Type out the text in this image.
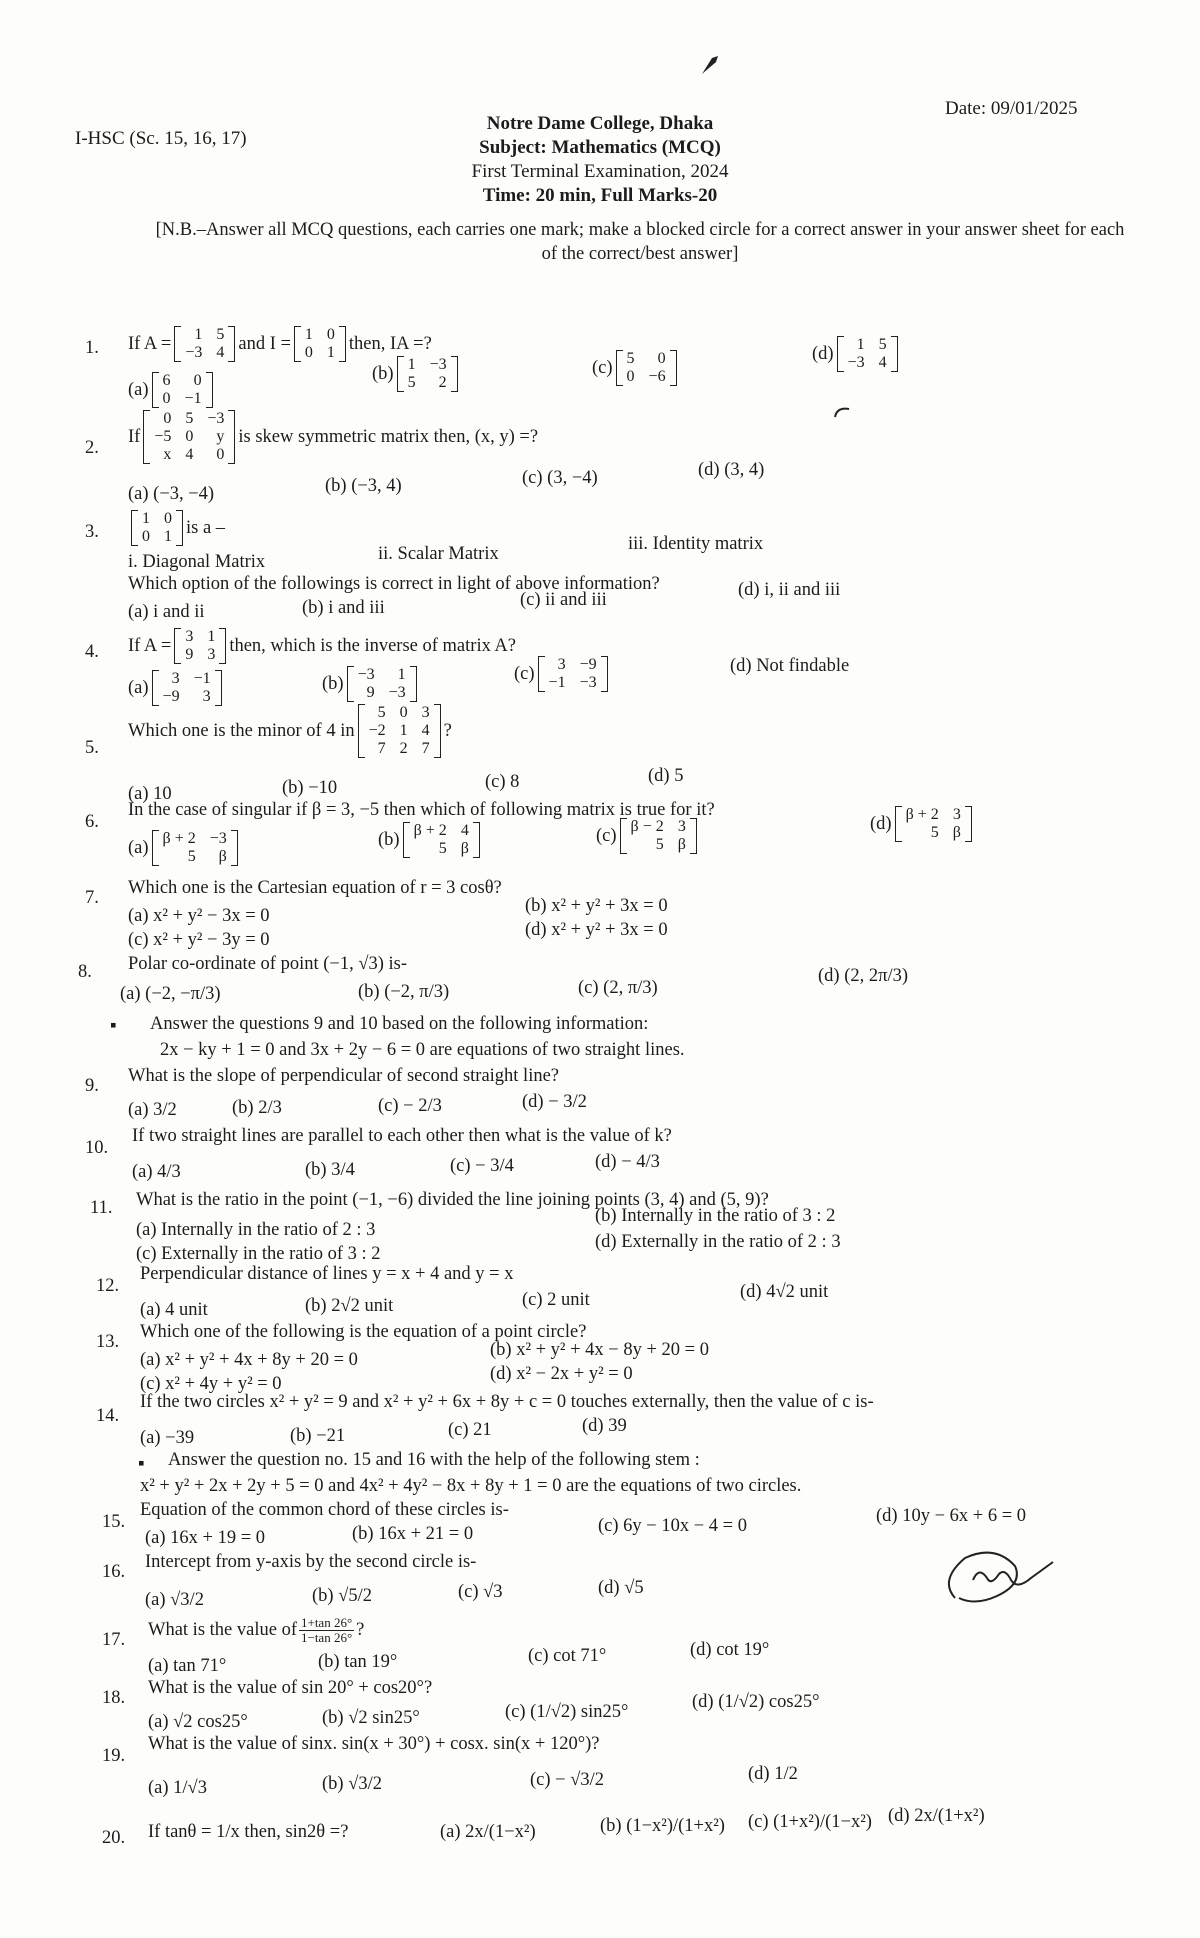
I-HSC (Sc. 15, 16, 17)
Date: 09/01/2025
Notre Dame College, Dhaka
Subject: Mathematics (MCQ)
First Terminal Examination, 2024
Time: 20 min, Full Marks-20
[N.B.–Answer all MCQ questions, each carries one mark; make a blocked circle for a correct answer in your answer sheet for each of the correct/best answer]
1. If A =	1 5
−3 4 and I = 1 0
0 1 then, IA =?
(a) 6	0
0 −1
(b) 1 −3
5	2
(c) 5	0
0 −6
(d)	1 5
−3 4
2.
If
0 5 −3
−5 0	y
x 4	0
is skew symmetric matrix then, (x, y) =?
(a) (−3, −4)	(b) (−3, 4)	(c) (3, −4)	(d) (3, 4)
3.
1 0
0 1 is a –
i. Diagonal Matrix	ii. Scalar Matrix	iii. Identity matrix
Which option of the followings is correct in light of above information?
(a) i and ii	(b) i and iii	(c) ii and iii	(d) i, ii and iii
4. If A = 3 1
9 3 then, which is the inverse of matrix A?
(a)	3 −1
−9	3
(b) −3	1
9 −3
(c)	3 −9
−1 −3
(d) Not findable
5.
Which one is the minor of 4 in
5 0 3
−2 1 4
7 2 7
?
(a) 10	(b) −10	(c) 8	(d) 5
6.
In the case of singular if β = 3, −5 then which of following matrix is true for it?
(a) β + 2 −3
5	β
(b) β + 2 4
5 β
(c) β − 2 3
5 β
(d) β + 2 3
5 β
7. Which one is the Cartesian equation of r = 3 cosθ?
(a) x² + y² − 3x = 0	(b) x² + y² + 3x = 0
(c) x² + y² − 3y = 0	(d) x² + y² + 3x = 0
8. Polar co-ordinate of point (−1, √3) is-
(a) (−2, −π/3)	(b) (−2, π/3)	(c) (2, π/3)
(d) (2, 2π/3)
▪ Answer the questions 9 and 10 based on the following information:
2x − ky + 1 = 0 and 3x + 2y − 6 = 0 are equations of two straight lines.
9. What is the slope of perpendicular of second straight line?
(a) 3/2	(b) 2/3	(c) − 2/3	(d) − 3/2
10.
If two straight lines are parallel to each other then what is the value of k?
(a) 4/3	(b) 3/4	(c) − 3/4	(d) − 4/3
11. What is the ratio in the point (−1, −6) divided the line joining points (3, 4) and (5, 9)?
(a) Internally in the ratio of 2 : 3
(b) Internally in the ratio of 3 : 2
(c) Externally in the ratio of 3 : 2
(d) Externally in the ratio of 2 : 3
12.
Perpendicular distance of lines y = x + 4 and y = x
(a) 4 unit	(b) 2√2 unit	(c) 2 unit	(d) 4√2 unit
13. Which one of the following is the equation of a point circle?
(a) x² + y² + 4x + 8y + 20 = 0	(b) x² + y² + 4x − 8y + 20 = 0
(c) x² + 4y + y² = 0	(d) x² − 2x + y² = 0
14.
If the two circles x² + y² = 9 and x² + y² + 6x + 8y + c = 0 touches externally, then the value of c is-
(a) −39	(b) −21	(c) 21	(d) 39
▪ Answer the question no. 15 and 16 with the help of the following stem :
x² + y² + 2x + 2y + 5 = 0 and 4x² + 4y² − 8x + 8y + 1 = 0 are the equations of two circles.
15.
Equation of the common chord of these circles is-
(a) 16x + 19 = 0	(b) 16x + 21 = 0	(c) 6y − 10x − 4 = 0	(d) 10y − 6x + 6 = 0
16. Intercept from y-axis by the second circle is-
(a) √3/2	(b) √5/2	(c) √3	(d) √5
17. What is the value of $\frac{1+\tan 26^\circ}{1-\tan 26^\circ}$ ?
(a) tan 71°	(b) tan 19°	(c) cot 71°	(d) cot 19°
18. What is the value of sin 20° + cos20°?
(a) √2 cos25°	(b) √2 sin25°	(c) (1/√2) sin25°	(d) (1/√2) cos25°
19.
What is the value of sinx. sin(x + 30°) + cosx. sin(x + 120°)?
(a) 1/√3	(b) √3/2	(c) − √3/2	(d) 1/2
20. If tanθ = 1/x then, sin2θ =?	(a) 2x/(1−x²)	(b) (1−x²)/(1+x²) (c) (1+x²)/(1−x²) (d) 2x/(1+x²)
